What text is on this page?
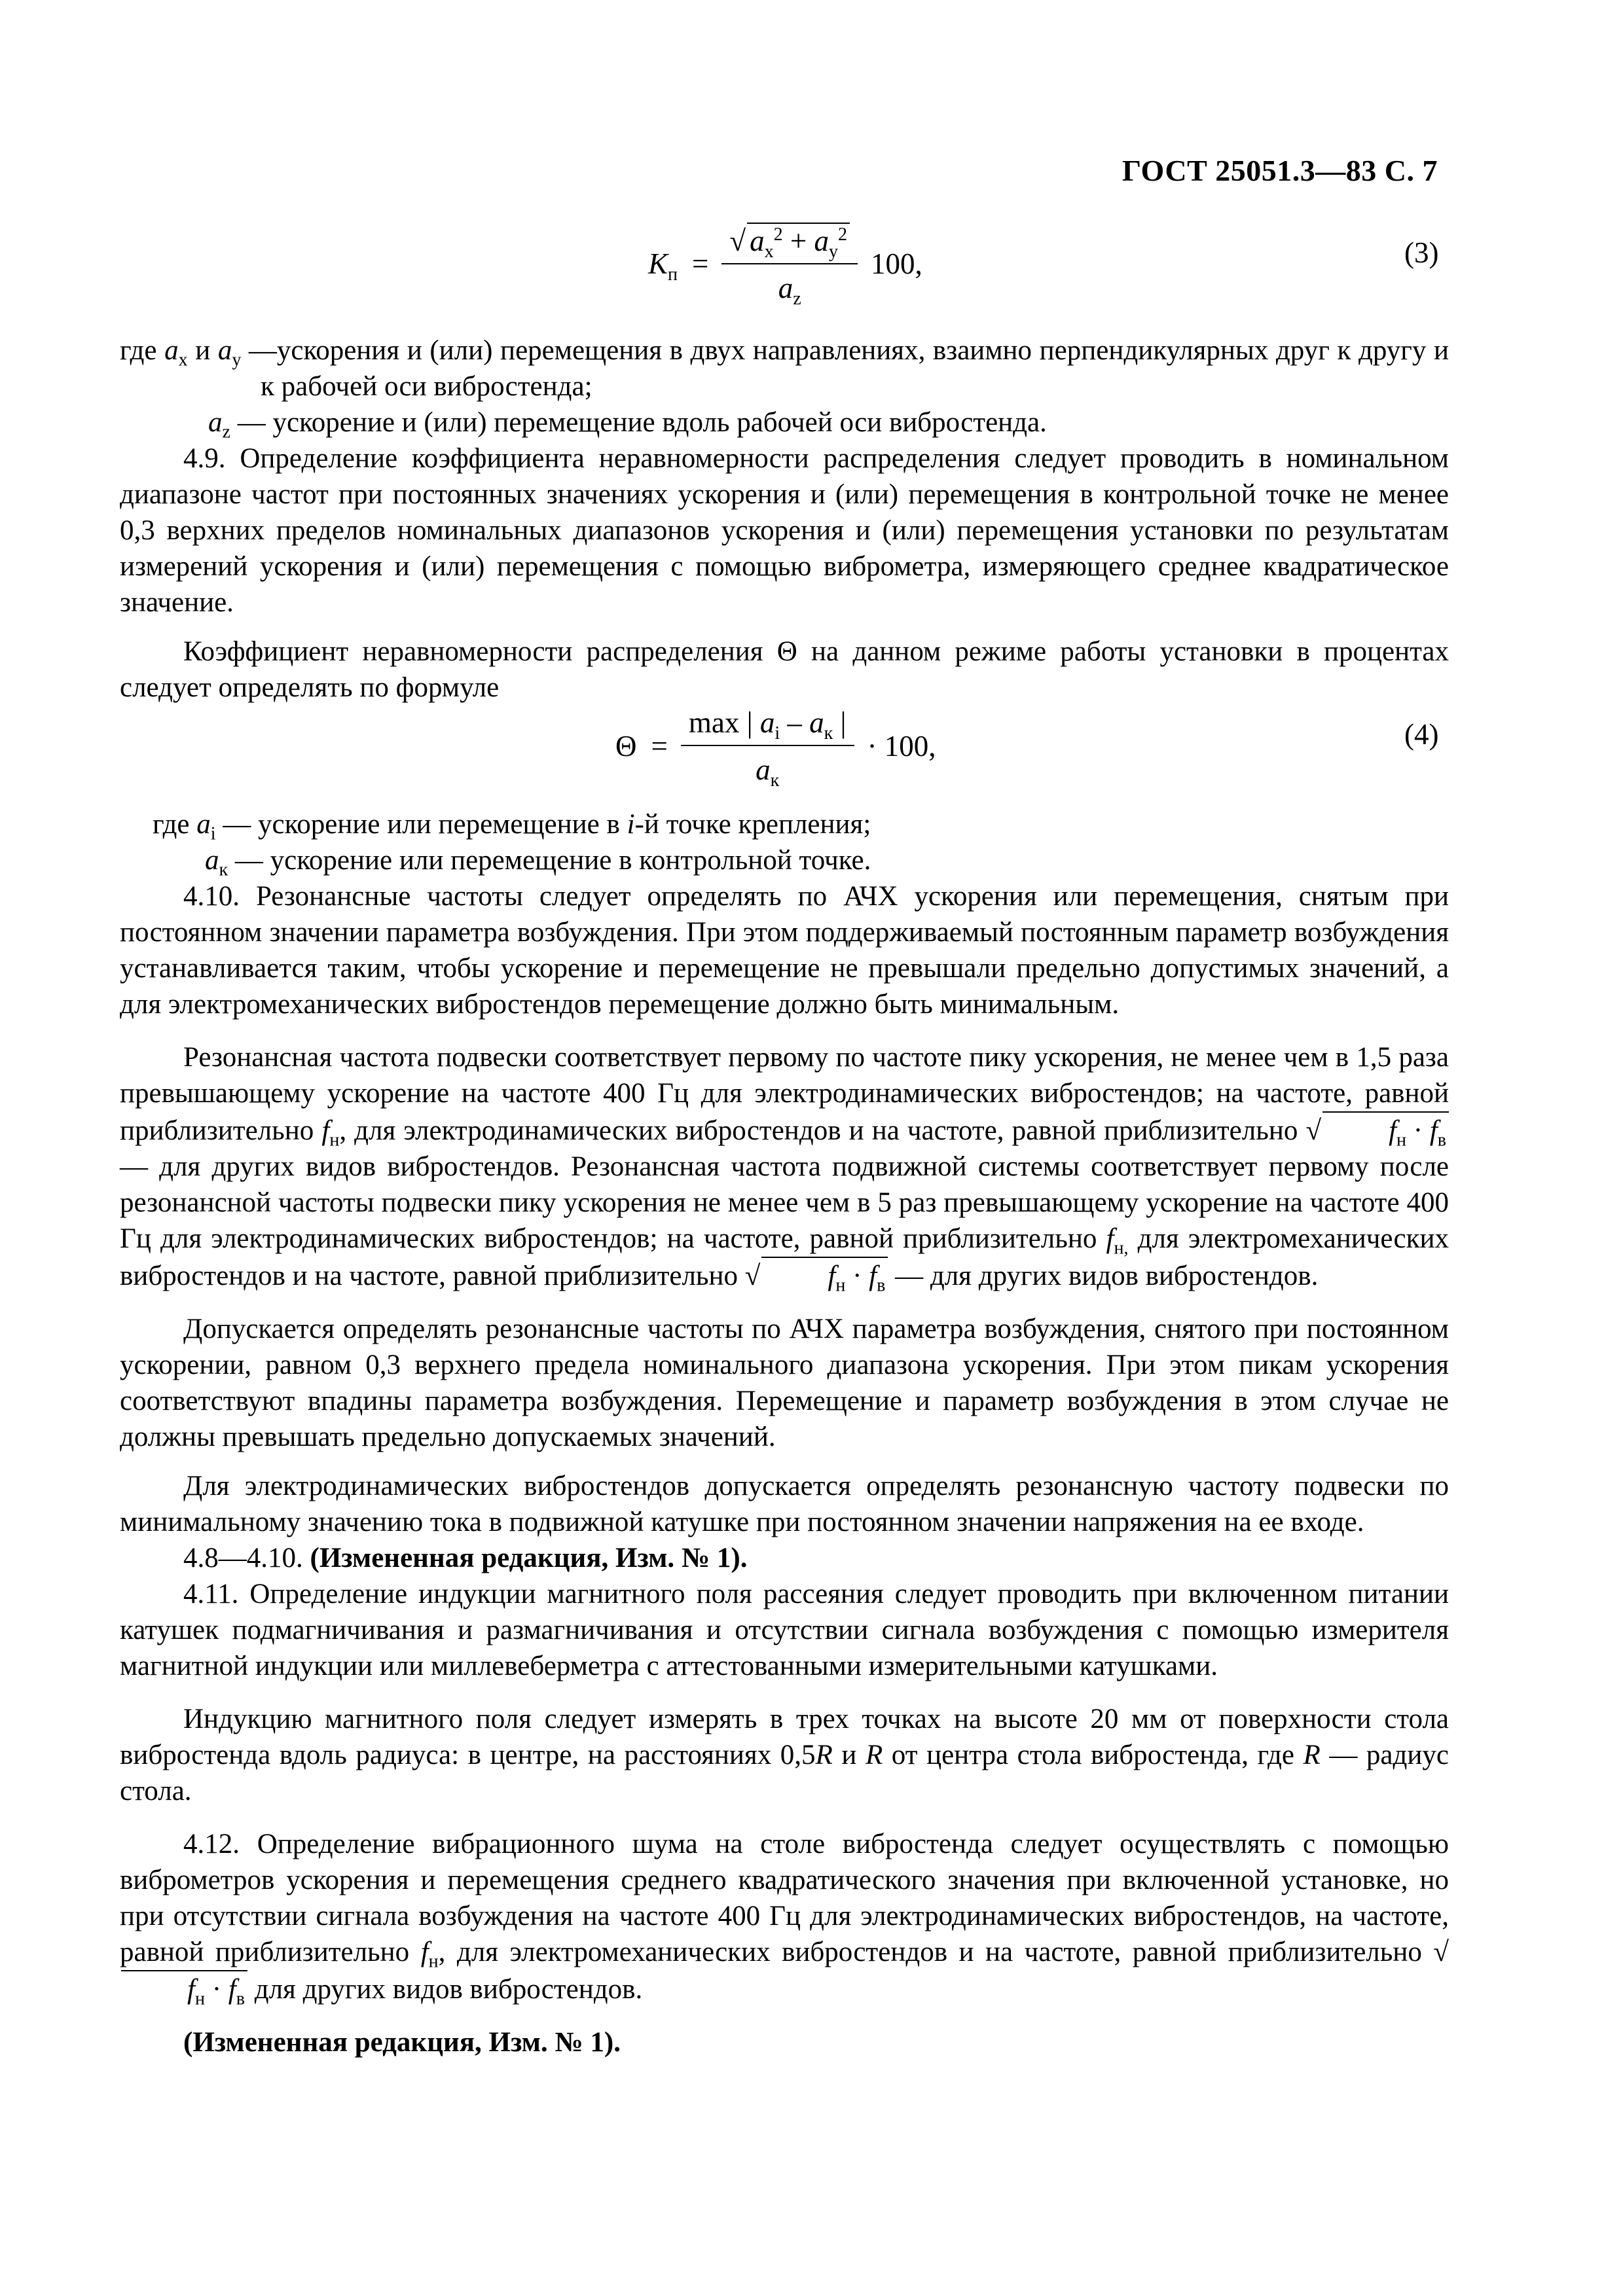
ГОСТ 25051.3—83 С. 7
$K_п = \frac{√ a_x^2 + a_y^2}{a_z} 100$,	(3)

где $a_x$ и $a_y$ —ускорения и (или) перемещения в двух направлениях, взаимно перпендикулярных друг к другу и к рабочей оси вибростенда;

$a_z$ — ускорение и (или) перемещение вдоль рабочей оси вибростенда.

4.9. Определение коэффициента неравномерности распределения следует проводить в номинальном диапазоне частот при постоянных значениях ускорения и (или) перемещения в контрольной точке не менее 0,3 верхних пределов номинальных диапазонов ускорения и (или) перемещения установки по результатам измерений ускорения и (или) перемещения с помощью виброметра, измеряющего среднее квадратическое значение.

Коэффициент неравномерности распределения Θ на данном режиме работы установки в процентах следует определять по формуле

$\Theta = \frac{\max | a_i - a_к |}{a_к} \cdot 100$,	(4)

где $a_i$ — ускорение или перемещение в i-й точке крепления;

$a_к$ — ускорение или перемещение в контрольной точке.

4.10. Резонансные частоты следует определять по АЧХ ускорения или перемещения, снятым при постоянном значении параметра возбуждения. При этом поддерживаемый постоянным параметр возбуждения устанавливается таким, чтобы ускорение и перемещение не превышали предельно допустимых значений, а для электромеханических вибростендов перемещение должно быть минимальным.

Резонансная частота подвески соответствует первому по частоте пику ускорения, не менее чем в 1,5 раза превышающему ускорение на частоте 400 Гц для электродинамических вибростендов; на частоте, равной приблизительно $f_н$, для электродинамических вибростендов и на частоте, равной приблизительно √ $f_н \cdot f_в$ — для других видов вибростендов. Резонансная частота подвижной системы соответствует первому после резонансной частоты подвески пику ускорения не менее чем в 5 раз превышающему ускорение на частоте 400 Гц для электродинамических вибростендов; на частоте, равной приблизительно $f_{н,}$ для электромеханических вибростендов и на частоте, равной приблизительно √ $f_н \cdot f_в$ — для других видов вибростендов.

Допускается определять резонансные частоты по АЧХ параметра возбуждения, снятого при постоянном ускорении, равном 0,3 верхнего предела номинального диапазона ускорения. При этом пикам ускорения соответствуют впадины параметра возбуждения. Перемещение и параметр возбуждения в этом случае не должны превышать предельно допускаемых значений.

Для электродинамических вибростендов допускается определять резонансную частоту подвески по минимальному значению тока в подвижной катушке при постоянном значении напряжения на ее входе.

4.8—4.10. (Измененная редакция, Изм. № 1).

4.11. Определение индукции магнитного поля рассеяния следует проводить при включенном питании катушек подмагничивания и размагничивания и отсутствии сигнала возбуждения с помощью измерителя магнитной индукции или миллевеберметра с аттестованными измерительными катушками.

Индукцию магнитного поля следует измерять в трех точках на высоте 20 мм от поверхности стола вибростенда вдоль радиуса: в центре, на расстояниях 0,5R и R от центра стола вибростенда, где R — радиус стола.

4.12. Определение вибрационного шума на столе вибростенда следует осуществлять с помощью виброметров ускорения и перемещения среднего квадратического значения при включенной установке, но при отсутствии сигнала возбуждения на частоте 400 Гц для электродинамических вибростендов, на частоте, равной приблизительно $f_н$, для электромеханических вибростендов и на частоте, равной приблизительно $√f_н \cdot f_в$ для других видов вибростендов.

(Измененная редакция, Изм. № 1).
